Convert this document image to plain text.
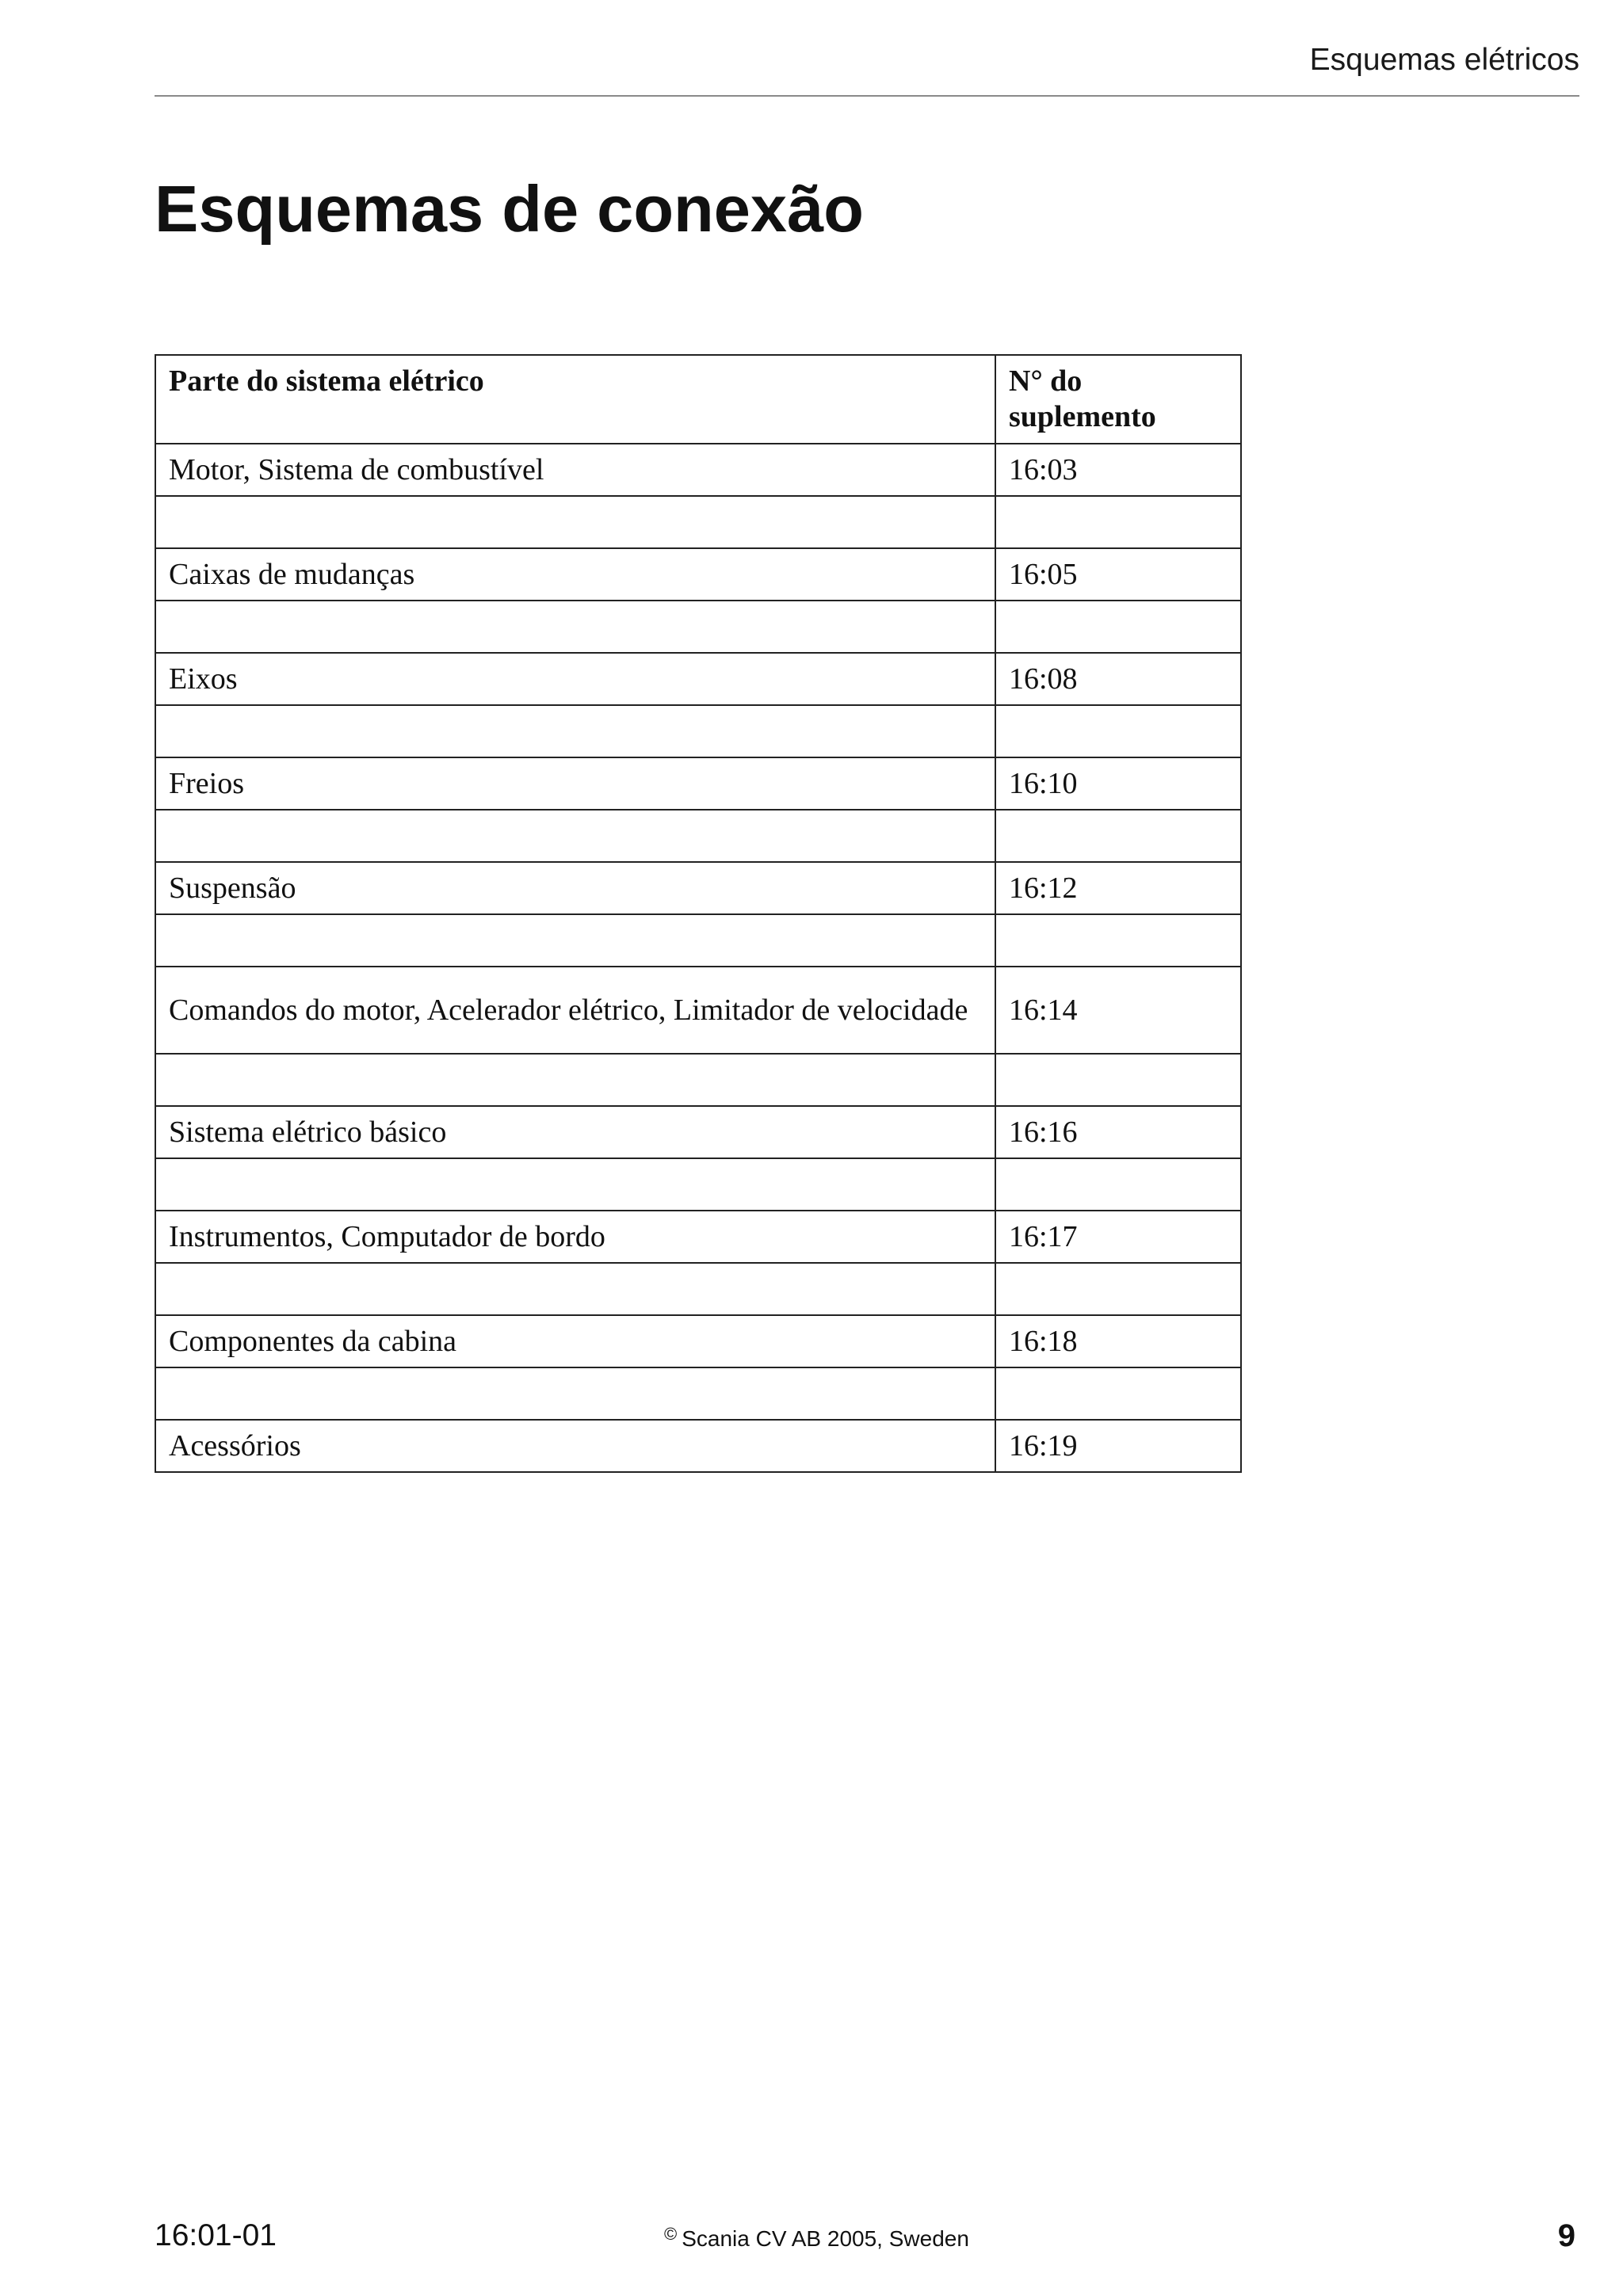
Esquemas elétricos
Esquemas de conexão
Parte do sistema elétrico	N° do suplemento
Motor, Sistema de combustível	16:03

Caixas de mudanças	16:05

Eixos	16:08

Freios	16:10

Suspensão	16:12

Comandos do motor, Acelerador elétrico, Limitador de velocidade	16:14

Sistema elétrico básico	16:16

Instrumentos, Computador de bordo	16:17

Componentes da cabina	16:18

Acessórios	16:19
16:01-01	© Scania CV AB 2005, Sweden	9
